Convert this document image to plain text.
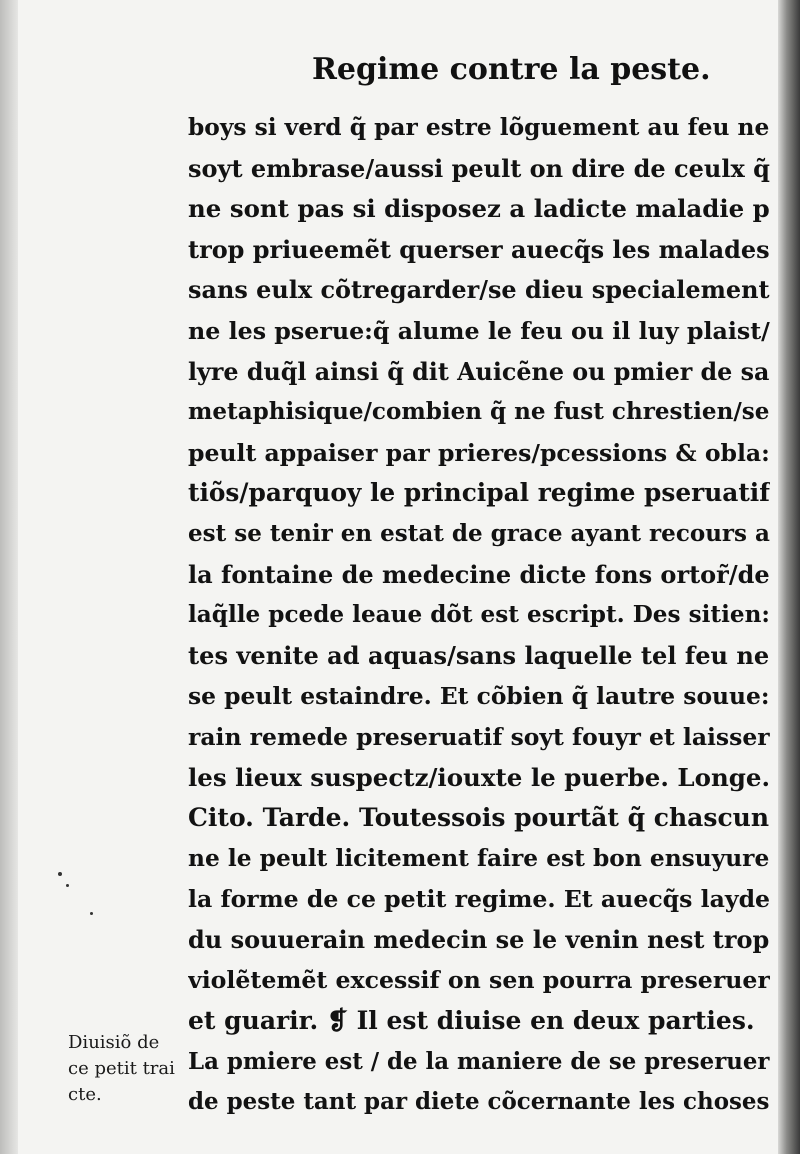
Regime contre la peste.
boys si verd q̃ par estre lõguement au feu ne
soyt embrase/aussi peult on dire de ceulx q̃
ne sont pas si disposez a ladicte maladie p
trop priueemẽt querser auecq̃s les malades
sans eulx cõtregarder/se dieu specialement
ne les pserue:q̃ alume le feu ou il luy plaist/
lyre duq̃l ainsi q̃ dit Auicẽne ou pmier de sa
metaphisique/combien q̃ ne fust chrestien/se
peult appaiser par prieres/pcessions & obla:
tiõs/parquoy le principal regime pseruatif
est se tenir en estat de grace ayant recours a
la fontaine de medecine dicte fons ortor̃/de
laq̃lle pcede leaue dõt est escript. Des sitien:
tes venite ad aquas/sans laquelle tel feu ne
se peult estaindre. Et cõbien q̃ lautre souue:
rain remede preseruatif soyt fouyr et laisser
les lieux suspectz/iouxte le puerbe. Longe.
Cito. Tarde. Toutessois pourtãt q̃ chascun
ne le peult licitement faire est bon ensuyure
la forme de ce petit regime. Et auecq̃s layde
du souuerain medecin se le venin nest trop
violẽtemẽt excessif on sen pourra preseruer
et guarir. ❡ Il est diuise en deux parties.
La pmiere est / de la maniere de se preseruer
de peste tant par diete cõcernante les choses
Diuisiõ de
ce petit trai
cte.
